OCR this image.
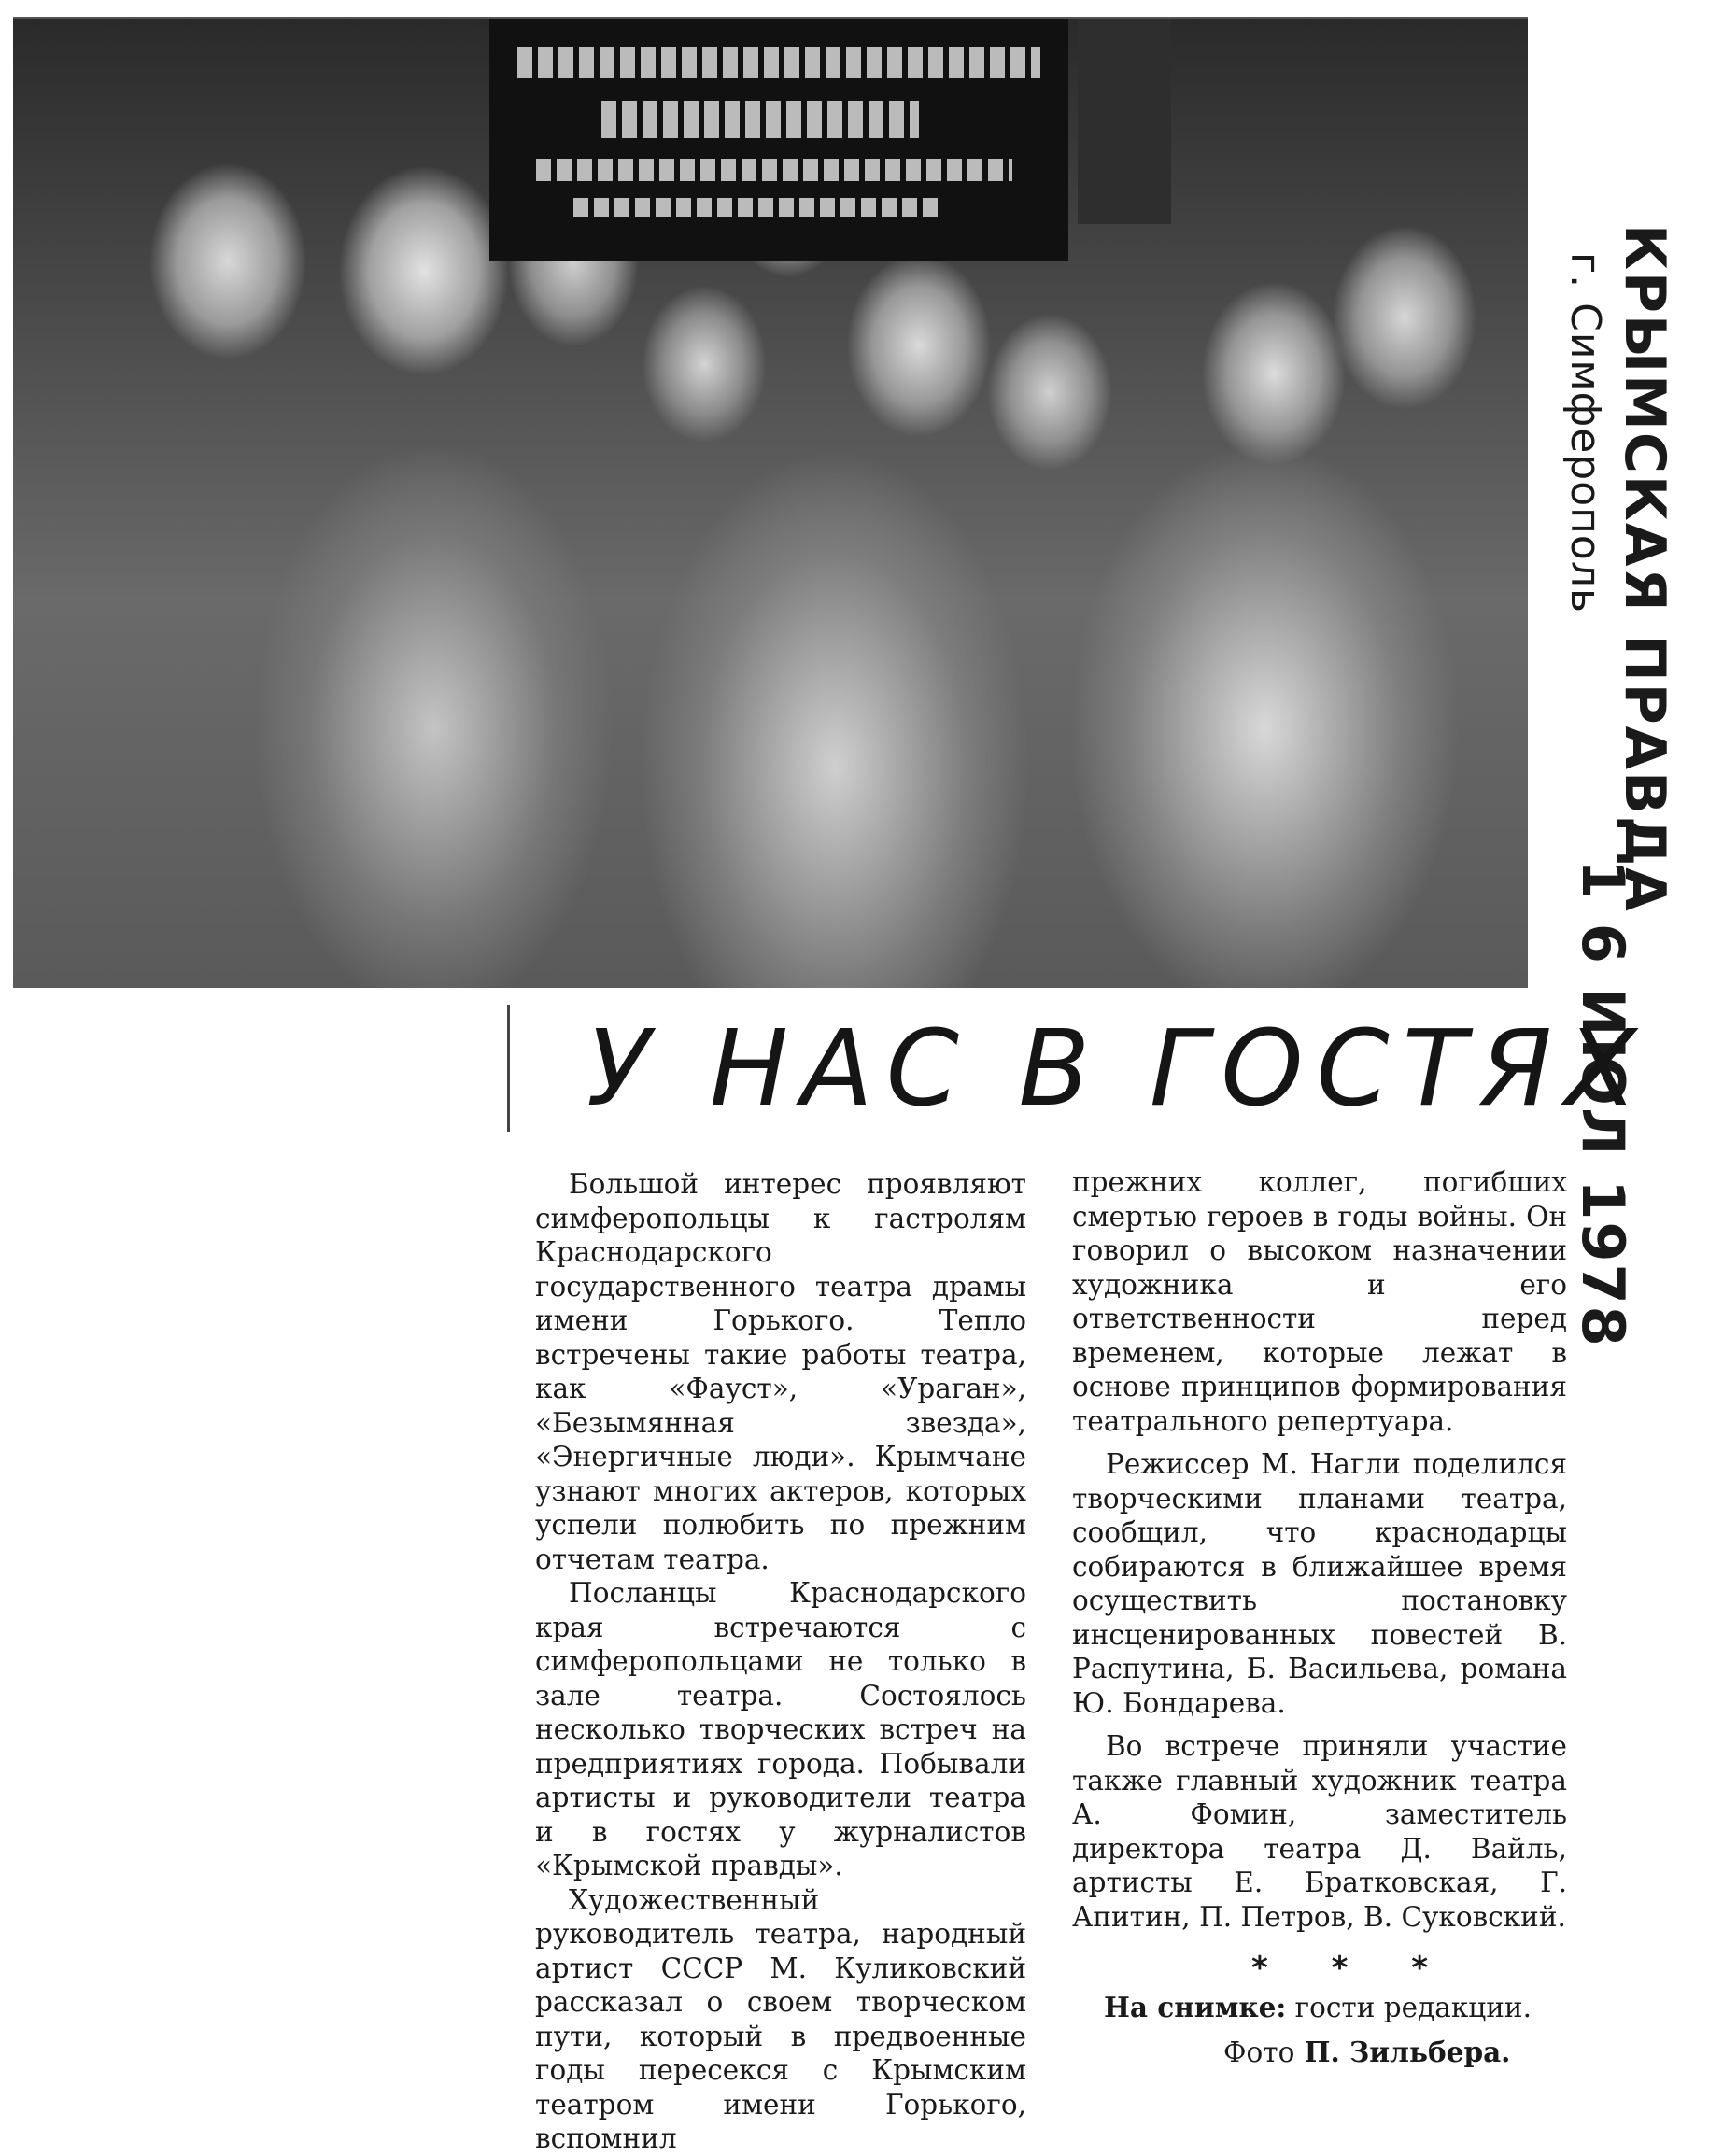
КРЫМСКАЯ ПРАВДА
г. Симферополь
1 6 ИЮЛ 1978
У НАС В ГОСТЯХ

Большой интерес проявляют симферопольцы к гастролям Краснодарского государственного театра драмы имени Горького. Тепло встречены такие работы театра, как «Фауст», «Ураган», «Безымянная звезда», «Энергичные люди». Крымчане узнают многих актеров, которых успели полюбить по прежним отчетам театра.

Посланцы Краснодарского края встречаются с симферопольцами не только в зале театра. Состоялось несколько творческих встреч на предприятиях города. Побывали артисты и руководители театра и в гостях у журналистов «Крымской правды».

Художественный руководитель театра, народный артист СССР М. Куликовский рассказал о своем творческом пути, который в предвоенные годы пересекся с Крымским театром имени Горького, вспомнил

прежних коллег, погибших смертью героев в годы войны. Он говорил о высоком назначении художника и его ответственности перед временем, которые лежат в основе принципов формирования театрального репертуара.

Режиссер М. Нагли поделился творческими планами театра, сообщил, что краснодарцы собираются в ближайшее время осуществить постановку инсценированных повестей В. Распутина, Б. Васильева, романа Ю. Бондарева.

Во встрече приняли участие также главный художник театра А. Фомин, заместитель директора театра Д. Вайль, артисты Е. Братковская, Г. Апитин, П. Петров, В. Суковский.

* * *
На снимке: гости редакции.
Фото П. Зильбера.
